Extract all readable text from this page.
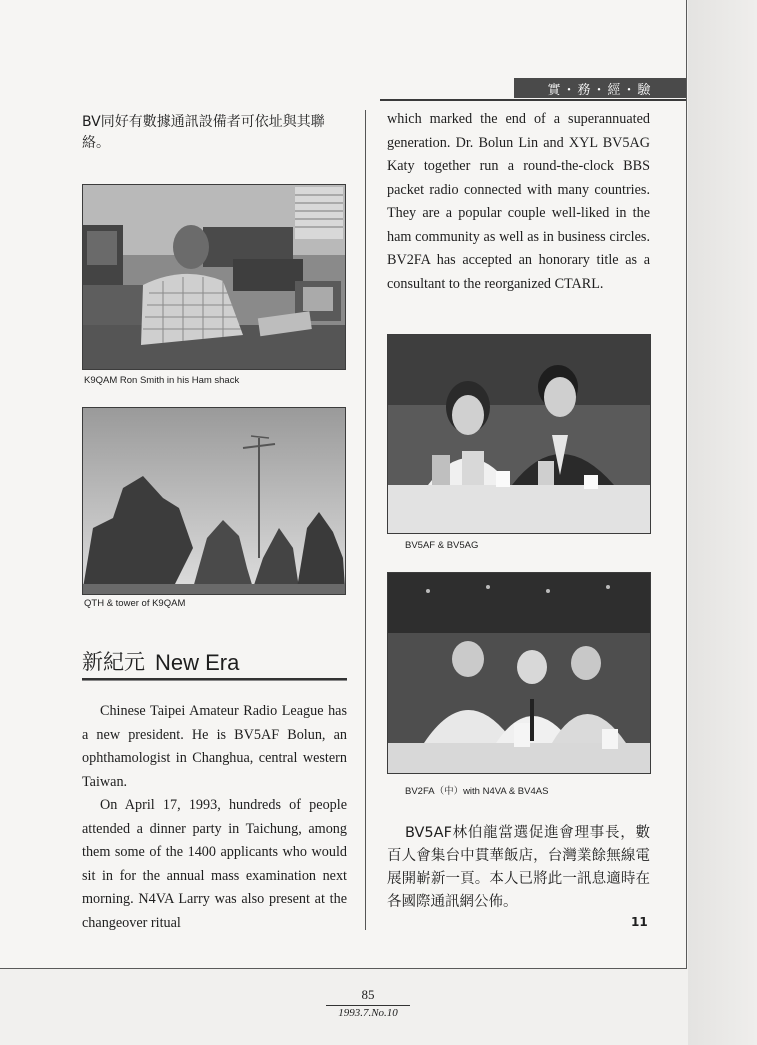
實・務・經・驗
BV同好有數據通訊設備者可依址與其聯絡。
K9QAM Ron Smith in his Ham shack
QTH & tower of K9QAM
新紀元 New Era

Chinese Taipei Amateur Radio League has a new president. He is BV5AF Bolun, an ophthamologist in Changhua, central western Taiwan.

On April 17, 1993, hundreds of people attended a dinner party in Taichung, among them some of the 1400 applicants who would sit in for the annual mass examination next morning. N4VA Larry was also present at the changeover ritual

which marked the end of a superannuated generation. Dr. Bolun Lin and XYL BV5AG Katy together run a round-the-clock BBS packet radio connected with many countries. They are a popular couple well-liked in the ham community as well as in business circles. BV2FA has accepted an honorary title as a consultant to the reorganized CTARL.
BV5AF & BV5AG
BV2FA（中）with N4VA & BV4AS
BV5AF林伯龍當選促進會理事長，數百人會集台中貫華飯店，台灣業餘無線電展開嶄新一頁。本人已將此一訊息適時在各國際通訊網公佈。
11
85
1993.7.No.10
